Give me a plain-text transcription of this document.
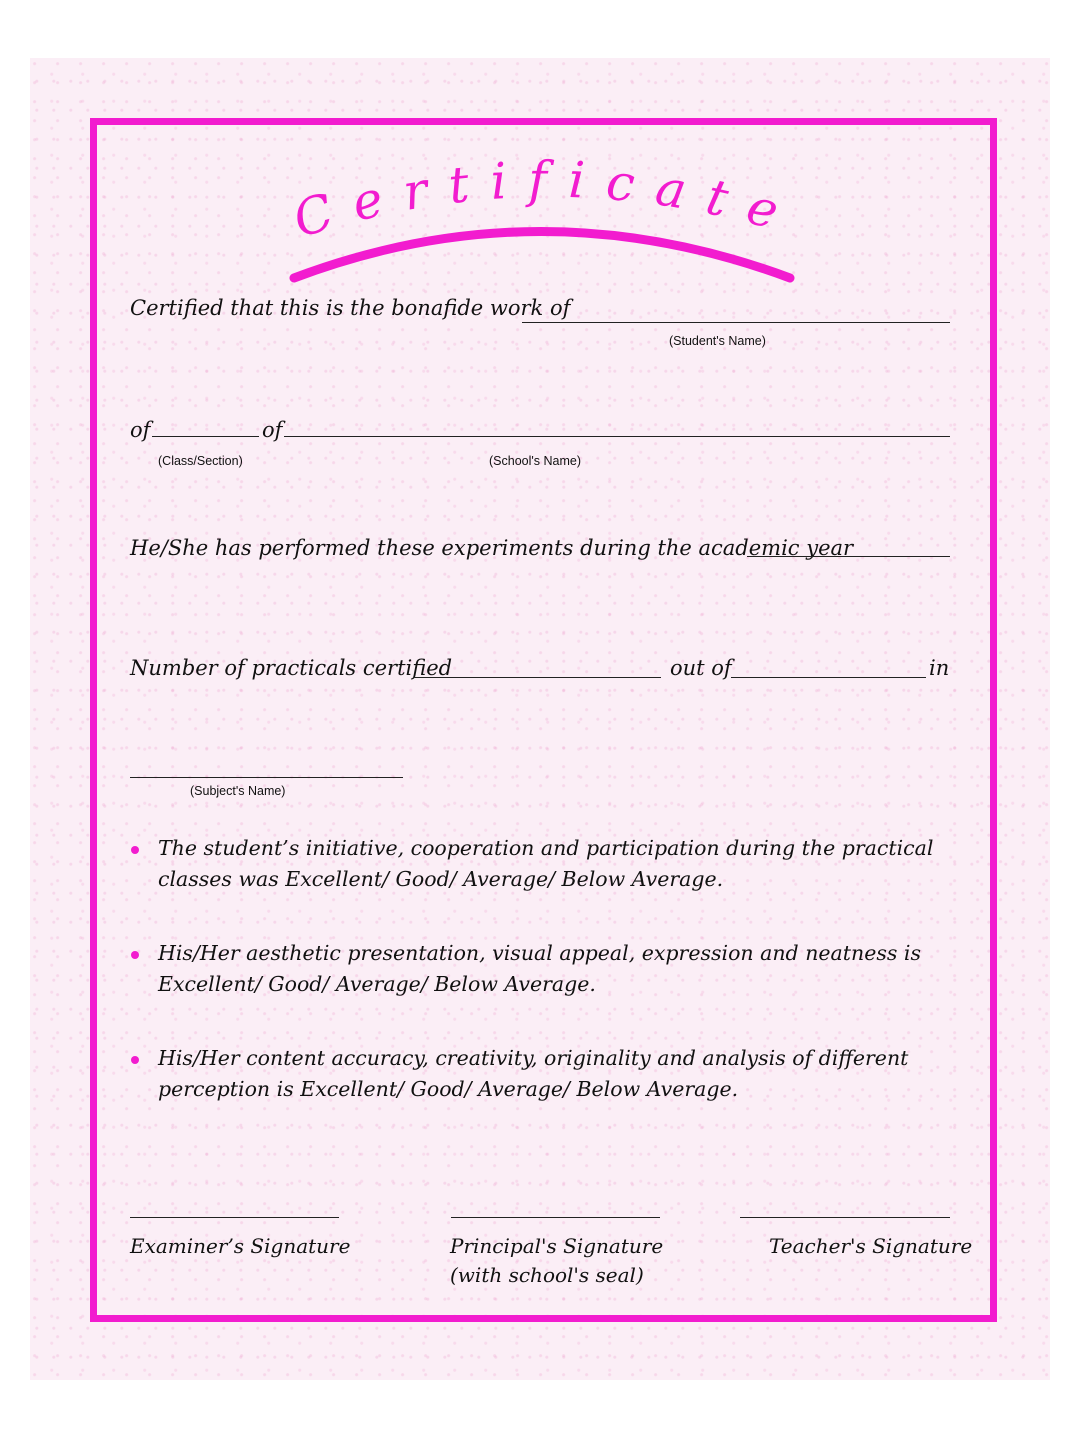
Certificate
Certified that this is the bonafide work of
(Student's Name)
of	of
(Class/Section)	(School's Name)
He/She has performed these experiments during the academic year
Number of practicals certified	out of	in
(Subject's Name)
The student’s initiative, cooperation and participation during the practical classes was Excellent/ Good/ Average/ Below Average.
His/Her aesthetic presentation, visual appeal, expression and neatness is Excellent/ Good/ Average/ Below Average.
His/Her content accuracy, creativity, originality and analysis of different perception is Excellent/ Good/ Average/ Below Average.
Examiner’s Signature	Principal's Signature
(with school's seal)
Teacher's Signature
